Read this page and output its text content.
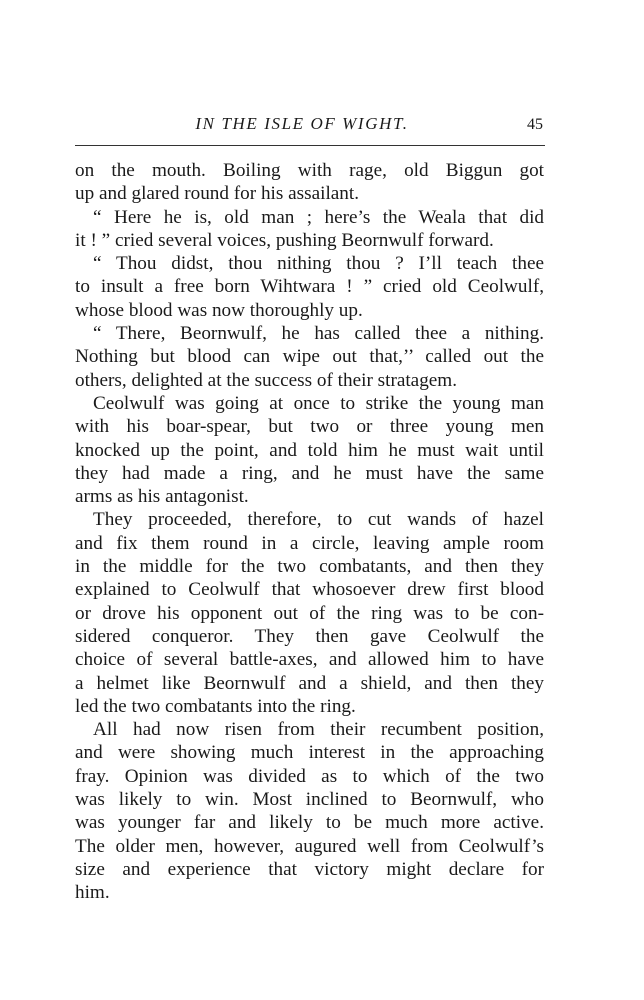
IN THE ISLE OF WIGHT.	45
on the mouth. Boiling with rage, old Biggun got
up and glared round for his assailant.
“ Here he is, old man ; here’s the Weala that did
it ! ” cried several voices, pushing Beornwulf forward.
“ Thou didst, thou nithing thou ? I’ll teach thee
to insult a free born Wihtwara ! ” cried old Ceolwulf,
whose blood was now thoroughly up.
“ There, Beornwulf, he has called thee a nithing.
Nothing but blood can wipe out that,’’ called out the
others, delighted at the success of their stratagem.
Ceolwulf was going at once to strike the young man
with his boar-spear, but two or three young men
knocked up the point, and told him he must wait until
they had made a ring, and he must have the same
arms as his antagonist.
They proceeded, therefore, to cut wands of hazel
and fix them round in a circle, leaving ample room
in the middle for the two combatants, and then they
explained to Ceolwulf that whosoever drew first blood
or drove his opponent out of the ring was to be con-
sidered conqueror. They then gave Ceolwulf the
choice of several battle-axes, and allowed him to have
a helmet like Beornwulf and a shield, and then they
led the two combatants into the ring.
All had now risen from their recumbent position,
and were showing much interest in the approaching
fray. Opinion was divided as to which of the two
was likely to win. Most inclined to Beornwulf, who
was younger far and likely to be much more active.
The older men, however, augured well from Ceolwulf’s
size and experience that victory might declare for
him.
